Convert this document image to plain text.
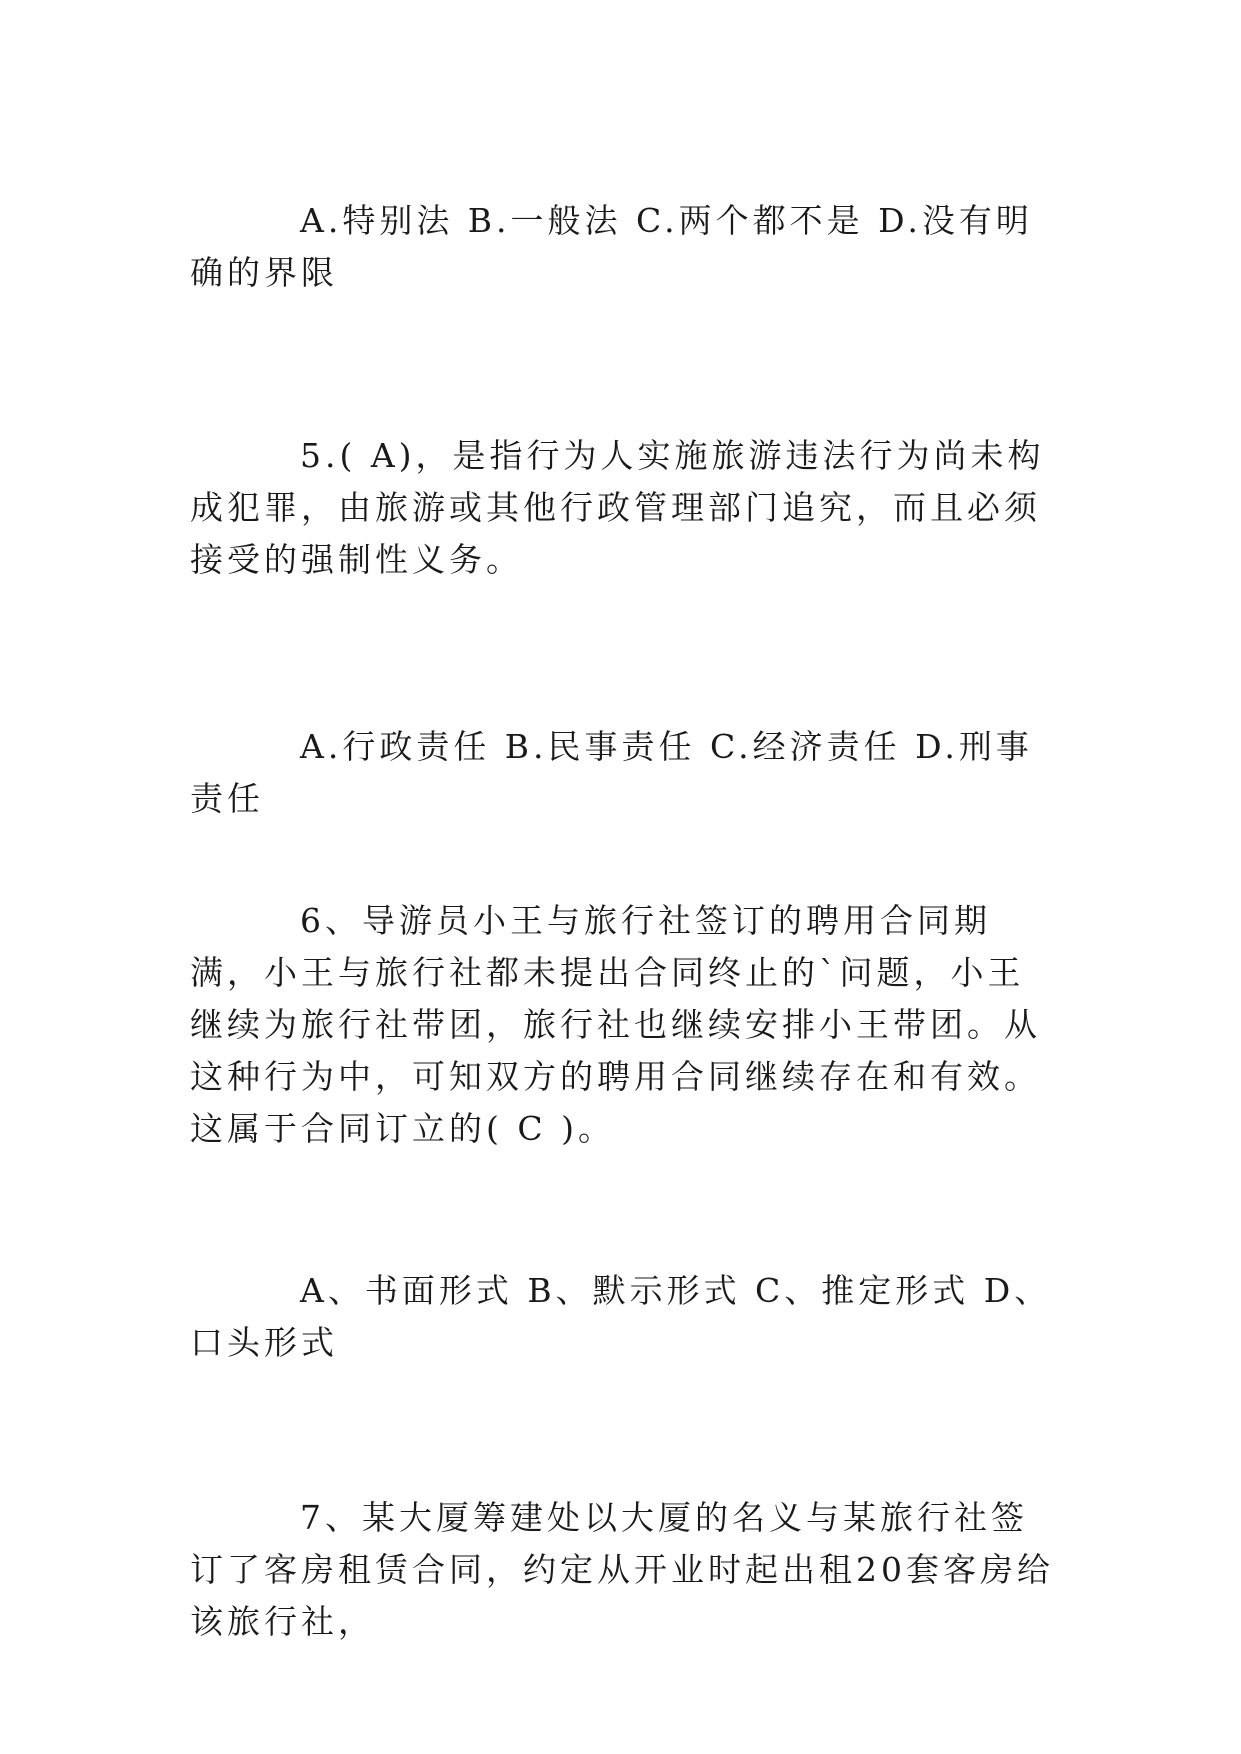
A.特别法 B.一般法 C.两个都不是 D.没有明确的界限

5.( A)，是指行为人实施旅游违法行为尚未构成犯罪，由旅游或其他行政管理部门追究，而且必须接受的强制性义务。

A.行政责任 B.民事责任 C.经济责任 D.刑事责任

6、导游员小王与旅行社签订的聘用合同期满，小王与旅行社都未提出合同终止的`问题，小王继续为旅行社带团，旅行社也继续安排小王带团。从这种行为中，可知双方的聘用合同继续存在和有效。这属于合同订立的( C )。

A、书面形式 B、默示形式 C、推定形式 D、口头形式

7、某大厦筹建处以大厦的名义与某旅行社签订了客房租赁合同，约定从开业时起出租20套客房给该旅行社，
